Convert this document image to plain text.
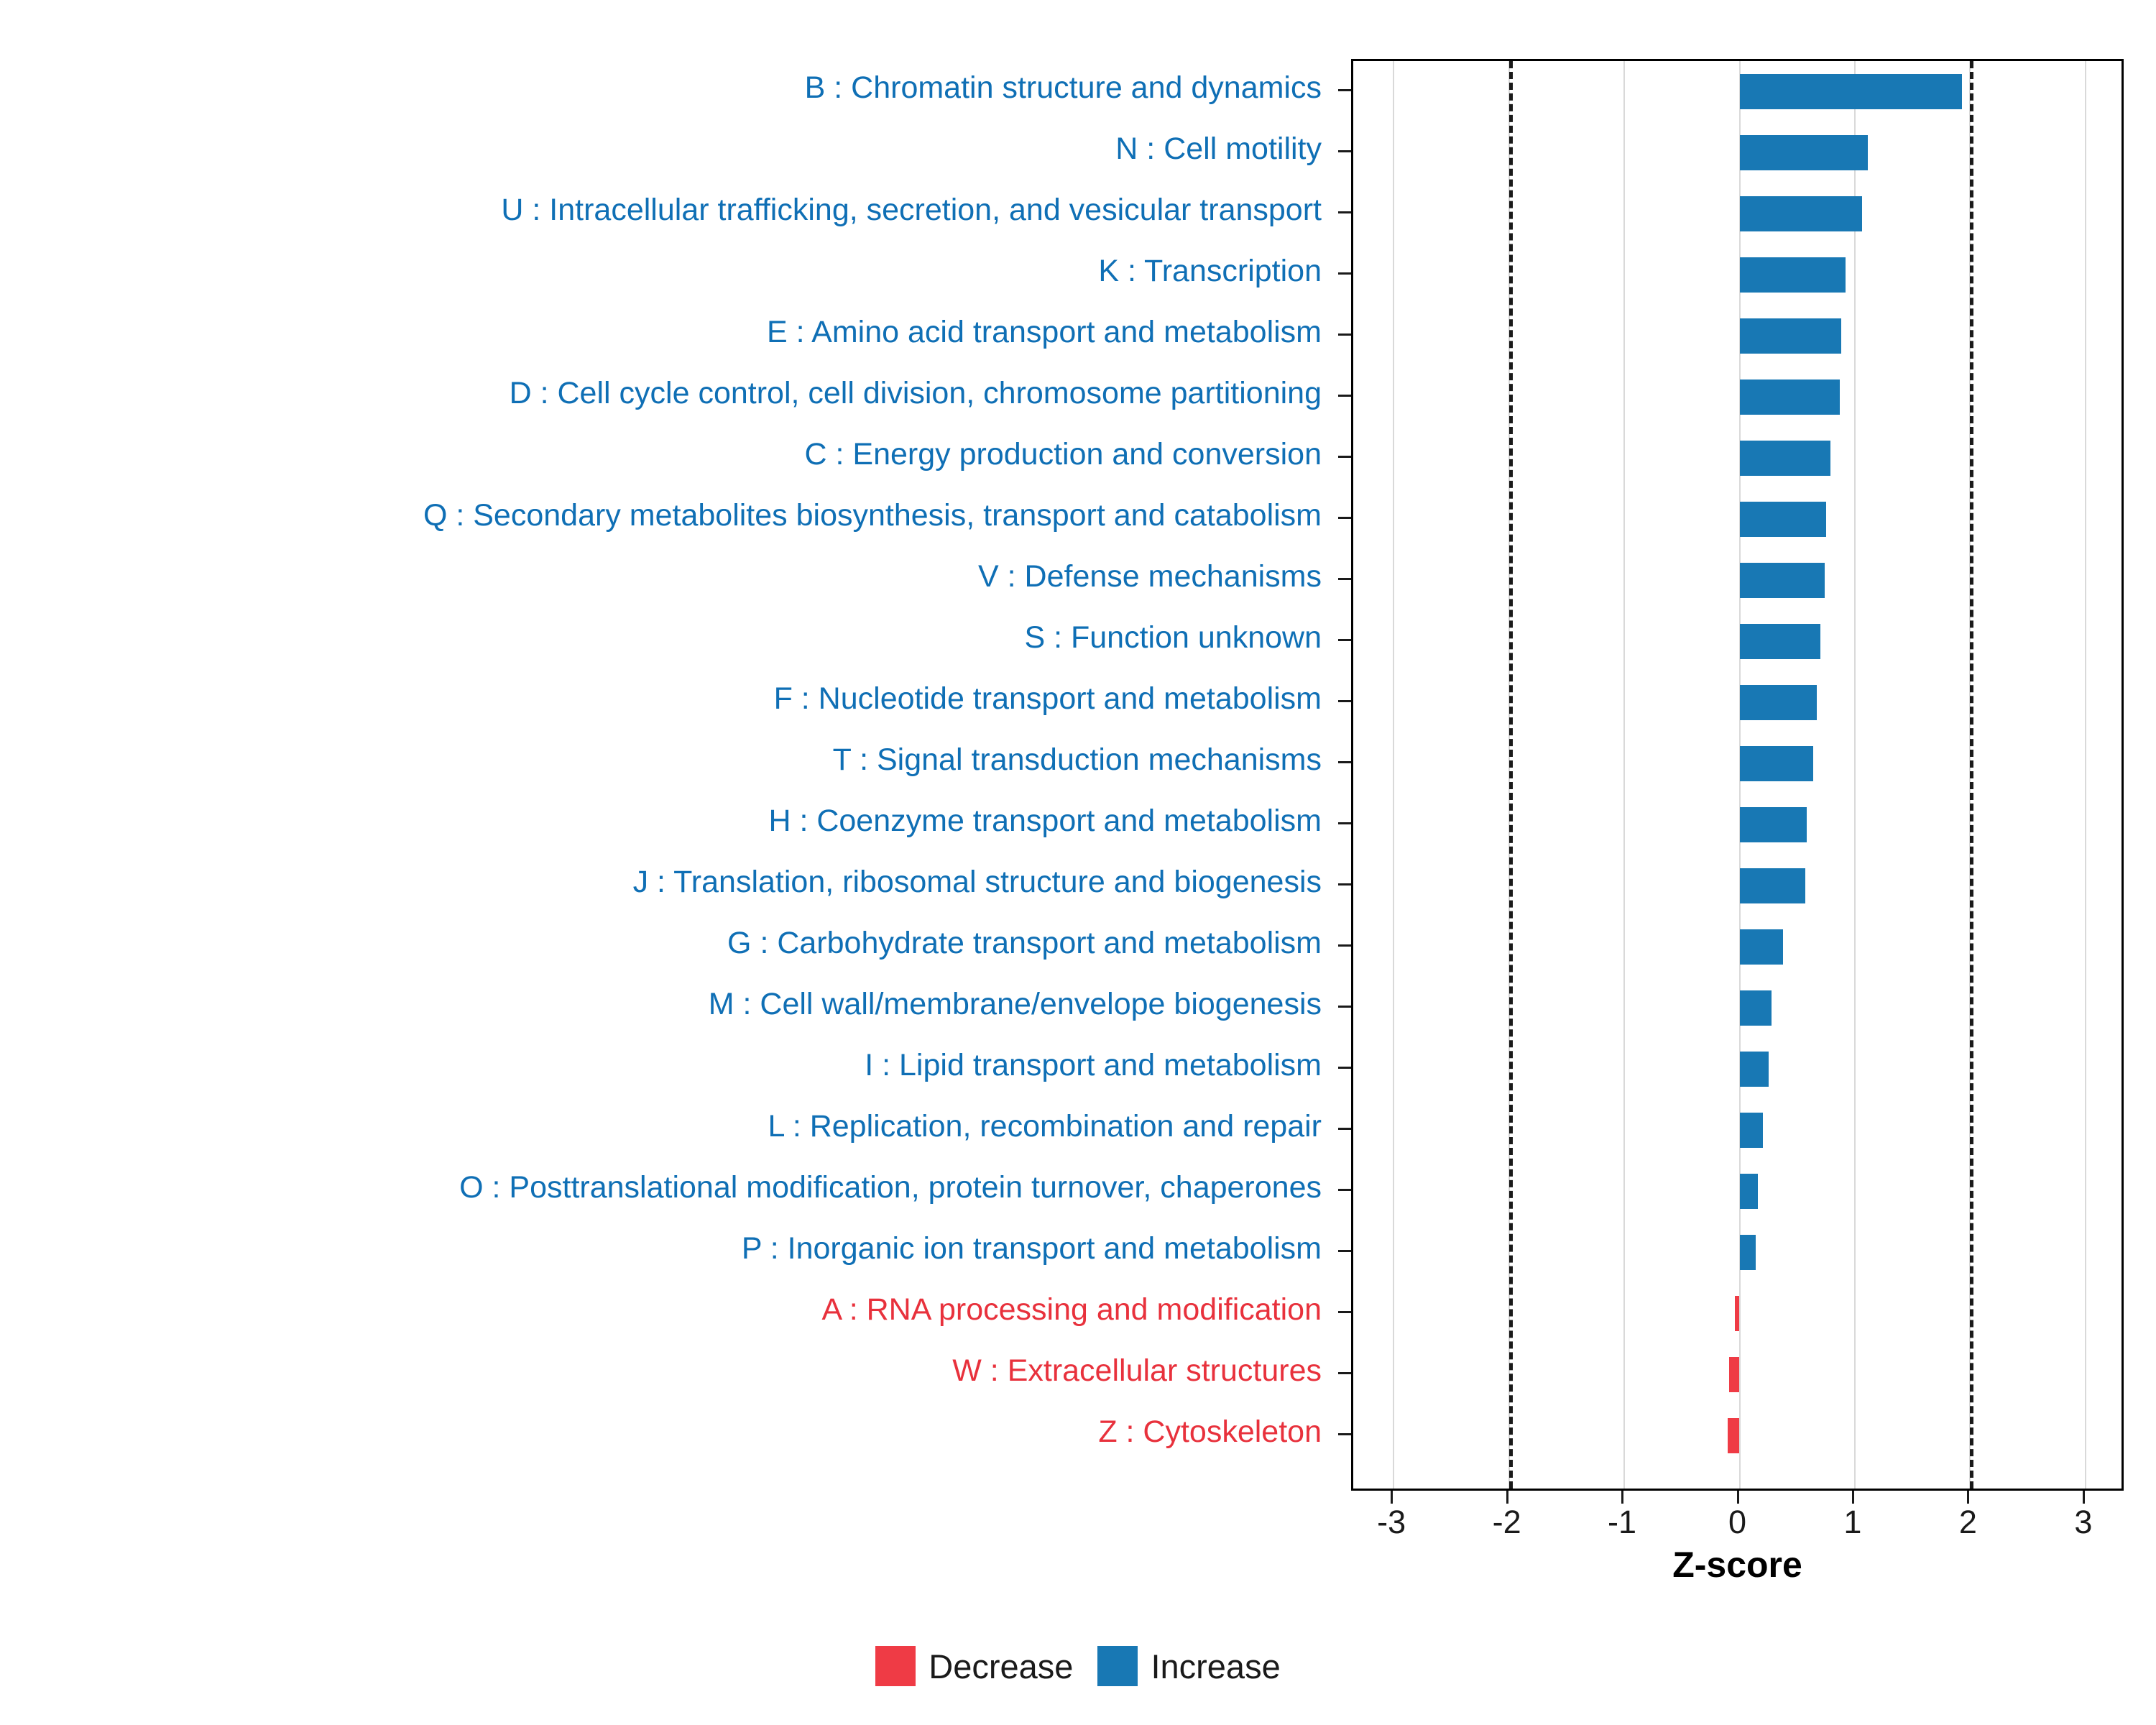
B : Chromatin structure and dynamics
N : Cell motility
U : Intracellular trafficking, secretion, and vesicular transport
K : Transcription
E : Amino acid transport and metabolism
D : Cell cycle control, cell division, chromosome partitioning
C : Energy production and conversion
Q : Secondary metabolites biosynthesis, transport and catabolism
V : Defense mechanisms
S : Function unknown
F : Nucleotide transport and metabolism
T : Signal transduction mechanisms
H : Coenzyme transport and metabolism
J : Translation, ribosomal structure and biogenesis
G : Carbohydrate transport and metabolism
M : Cell wall/membrane/envelope biogenesis
I : Lipid transport and metabolism
L : Replication, recombination and repair
O : Posttranslational modification, protein turnover, chaperones
P : Inorganic ion transport and metabolism
A : RNA processing and modification
W : Extracellular structures
Z : Cytoskeleton
-3	-2	-1	0	1	2	3
Z-score
Decrease Increase
